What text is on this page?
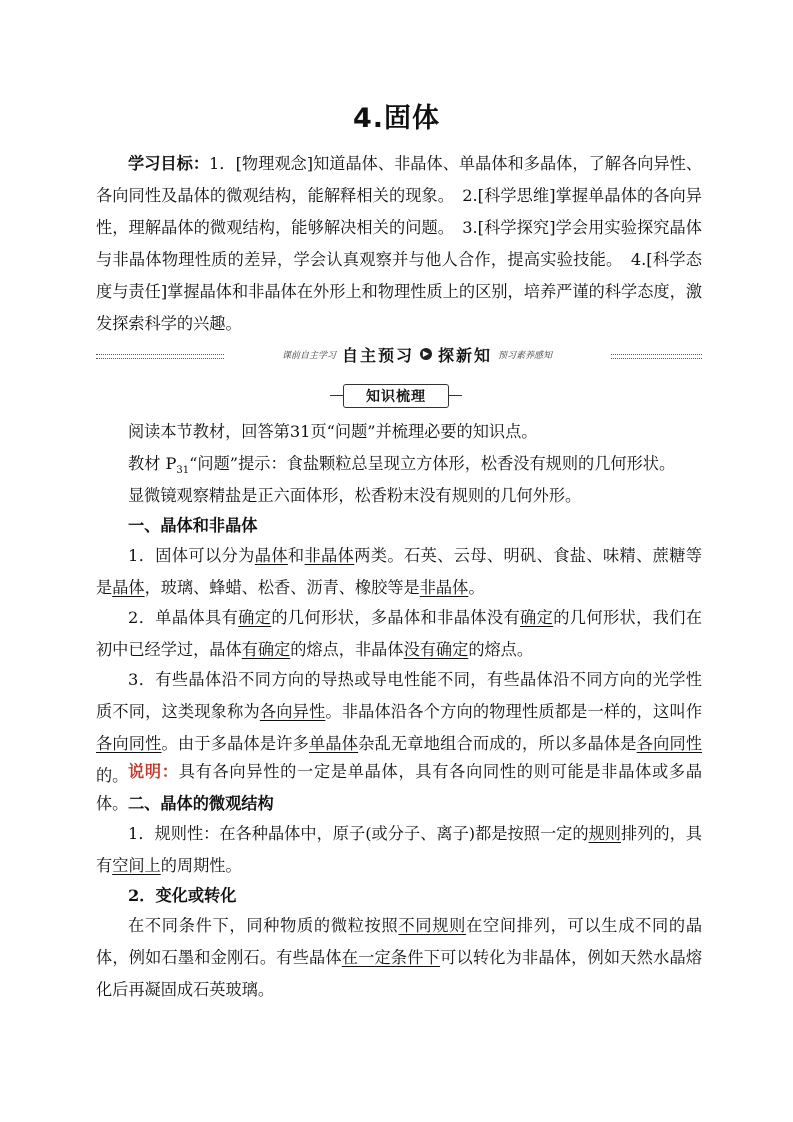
4.固体
学习目标：1．[物理观念]知道晶体、非晶体、单晶体和多晶体，了解各向异性、各向同性及晶体的微观结构，能解释相关的现象。　2.[科学思维]掌握单晶体的各向异性，理解晶体的微观结构，能够解决相关的问题。　3.[科学探究]学会用实验探究晶体与非晶体物理性质的差异，学会认真观察并与他人合作，提高实验技能。　4.[科学态度与责任]掌握晶体和非晶体在外形上和物理性质上的区别，培养严谨的科学态度，激发探索科学的兴趣。
课前自主学习 自主预习	▶ 探新知 预习素养感知
知识梳理
阅读本节教材，回答第31页“问题”并梳理必要的知识点。
教材 $P_{31}“$问题”提示：食盐颗粒总呈现立方体形，松香没有规则的几何形状。
显微镜观察精盐是正六面体形，松香粉末没有规则的几何外形。
一、晶体和非晶体
1．固体可以分为晶体和非晶体两类。石英、云母、明矾、食盐、味精、蔗糖等是晶体，玻璃、蜂蜡、松香、沥青、橡胶等是非晶体。
2．单晶体具有确定的几何形状，多晶体和非晶体没有确定的几何形状，我们在初中已经学过，晶体有确定的熔点，非晶体没有确定的熔点。
3．有些晶体沿不同方向的导热或导电性能不同，有些晶体沿不同方向的光学性质不同，这类现象称为各向异性。非晶体沿各个方向的物理性质都是一样的，这叫作各向同性。由于多晶体是许多单晶体杂乱无章地组合而成的，所以多晶体是各向同性的。 说明：具有各向异性的一定是单晶体，具有各向同性的则可能是非晶体或多晶体。 二、晶体的微观结构
1．规则性：在各种晶体中，原子(或分子、离子)都是按照一定的规则排列的，具有空间上的周期性。
2．变化或转化
在不同条件下，同种物质的微粒按照不同规则在空间排列，可以生成不同的晶体，例如石墨和金刚石。有些晶体在一定条件下可以转化为非晶体，例如天然水晶熔化后再凝固成石英玻璃。
